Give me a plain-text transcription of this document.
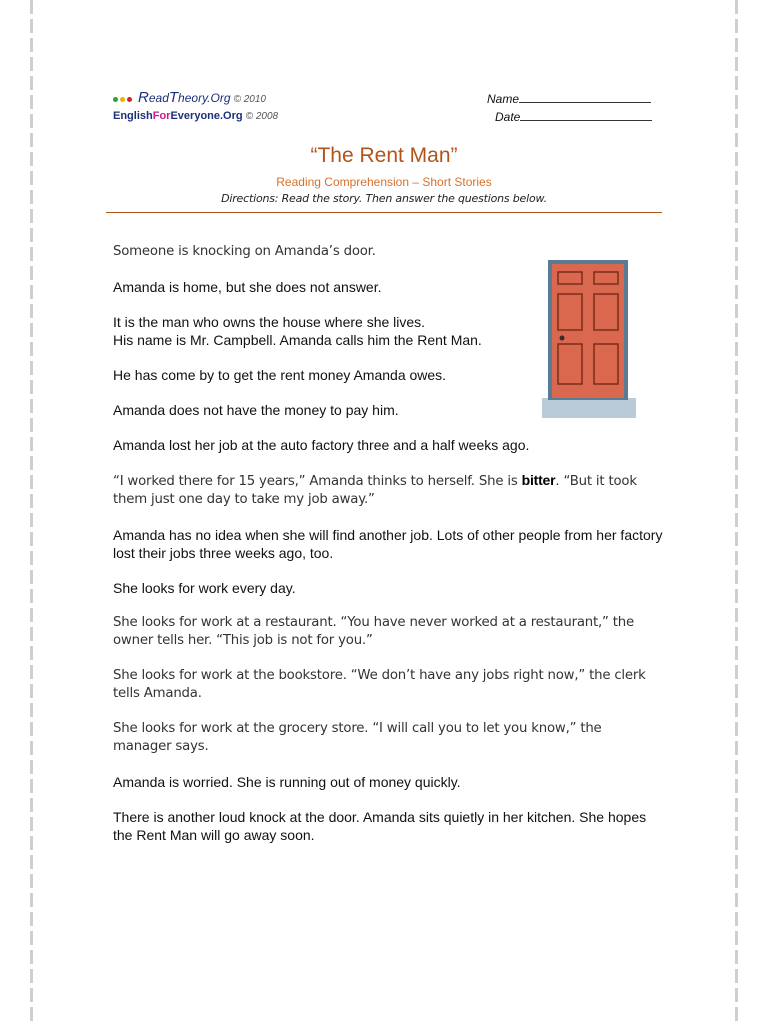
ReadTheory.Org © 2010
EnglishForEveryone.Org © 2008
Name
Date
“The Rent Man”
Reading Comprehension – Short Stories
Directions: Read the story. Then answer the questions below.

Someone is knocking on Amanda’s door.

Amanda is home, but she does not answer.

It is the man who owns the house where she lives.
His name is Mr. Campbell. Amanda calls him the Rent Man.

He has come by to get the rent money Amanda owes.

Amanda does not have the money to pay him.

Amanda lost her job at the auto factory three and a half weeks ago.

“I worked there for 15 years,” Amanda thinks to herself. She is bitter. “But it took them just one day to take my job away.”

Amanda has no idea when she will find another job. Lots of other people from her factory lost their jobs three weeks ago, too.

She looks for work every day.

She looks for work at a restaurant. “You have never worked at a restaurant,” the owner tells her. “This job is not for you.”

She looks for work at the bookstore. “We don’t have any jobs right now,” the clerk tells Amanda.

She looks for work at the grocery store. “I will call you to let you know,” the manager says.

Amanda is worried. She is running out of money quickly.

There is another loud knock at the door. Amanda sits quietly in her kitchen. She hopes the Rent Man will go away soon.
